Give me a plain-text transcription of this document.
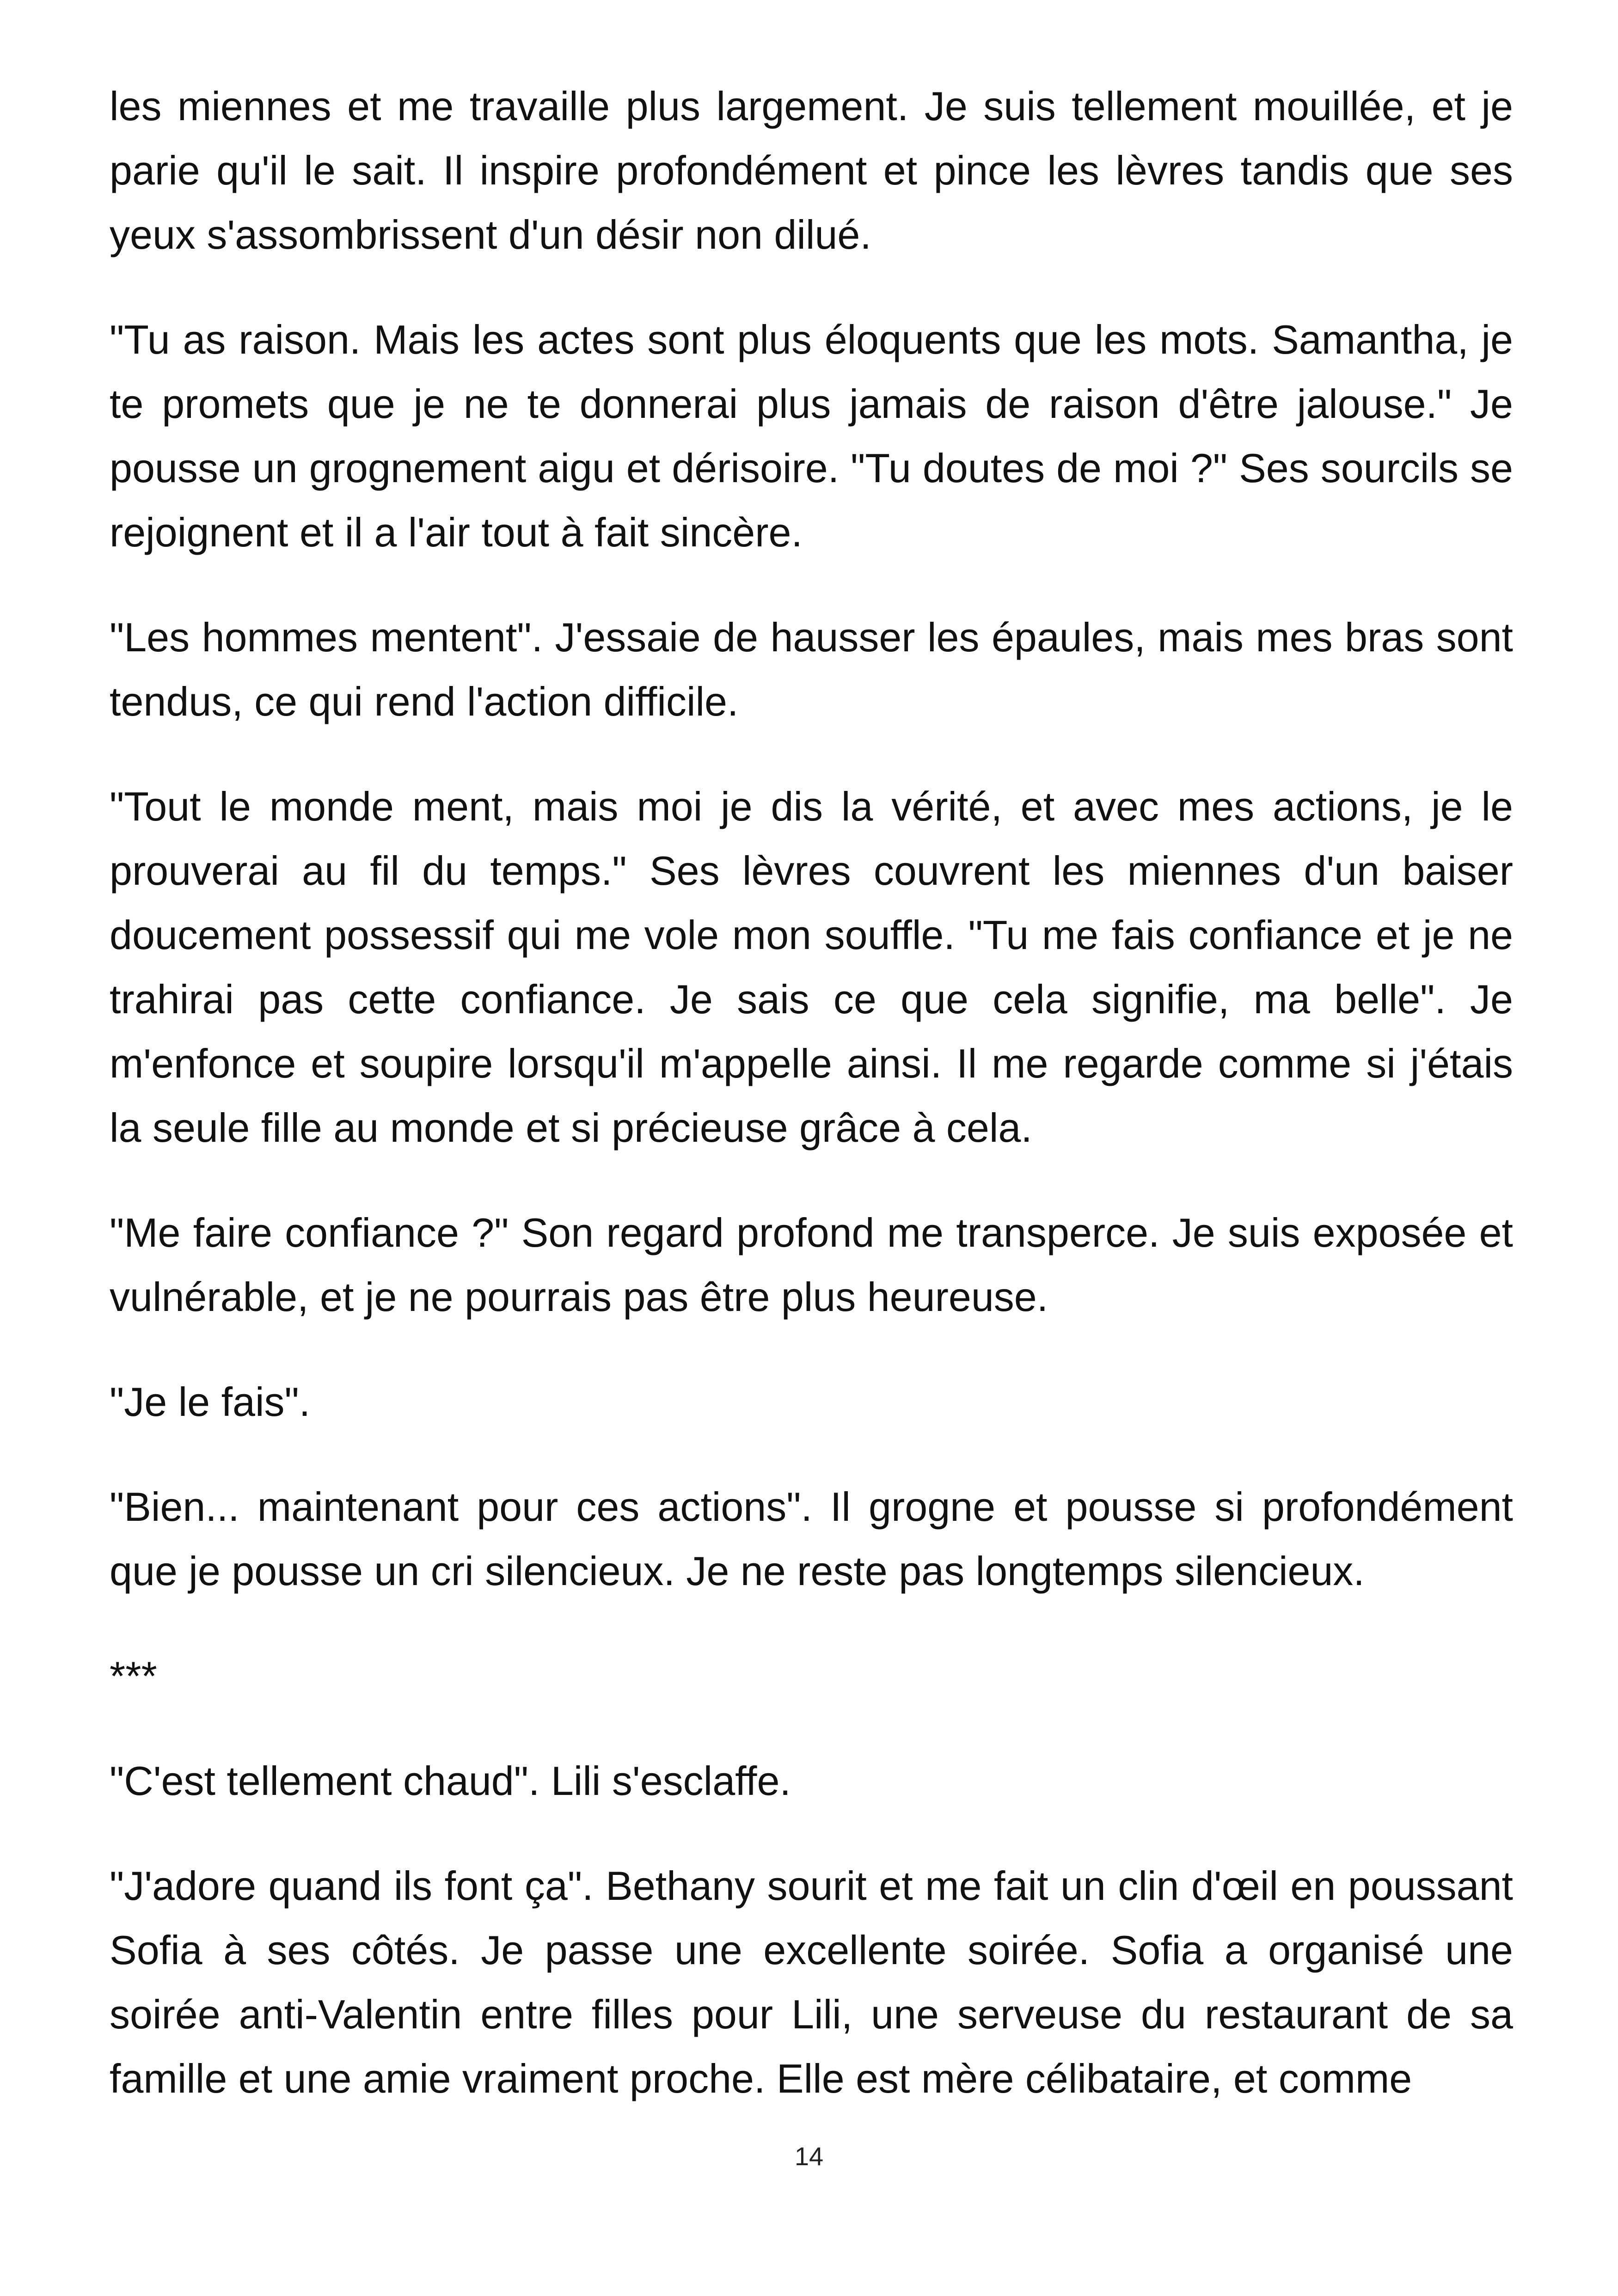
les miennes et me travaille plus largement. Je suis tellement mouillée, et je parie qu'il le sait. Il inspire profondément et pince les lèvres tandis que ses yeux s'assombrissent d'un désir non dilué.

"Tu as raison. Mais les actes sont plus éloquents que les mots. Samantha, je te promets que je ne te donnerai plus jamais de raison d'être jalouse." Je pousse un grognement aigu et dérisoire. "Tu doutes de moi ?" Ses sourcils se rejoignent et il a l'air tout à fait sincère.

"Les hommes mentent". J'essaie de hausser les épaules, mais mes bras sont tendus, ce qui rend l'action difficile.

"Tout le monde ment, mais moi je dis la vérité, et avec mes actions, je le prouverai au fil du temps." Ses lèvres couvrent les miennes d'un baiser doucement possessif qui me vole mon souffle. "Tu me fais confiance et je ne trahirai pas cette confiance. Je sais ce que cela signifie, ma belle". Je m'enfonce et soupire lorsqu'il m'appelle ainsi. Il me regarde comme si j'étais la seule fille au monde et si précieuse grâce à cela.

"Me faire confiance ?" Son regard profond me transperce. Je suis exposée et vulnérable, et je ne pourrais pas être plus heureuse.

"Je le fais".

"Bien... maintenant pour ces actions". Il grogne et pousse si profondément que je pousse un cri silencieux. Je ne reste pas longtemps silencieux.

***

"C'est tellement chaud". Lili s'esclaffe.

"J'adore quand ils font ça". Bethany sourit et me fait un clin d'œil en poussant Sofia à ses côtés. Je passe une excellente soirée. Sofia a organisé une soirée anti-Valentin entre filles pour Lili, une serveuse du restaurant de sa famille et une amie vraiment proche. Elle est mère célibataire, et comme

14
